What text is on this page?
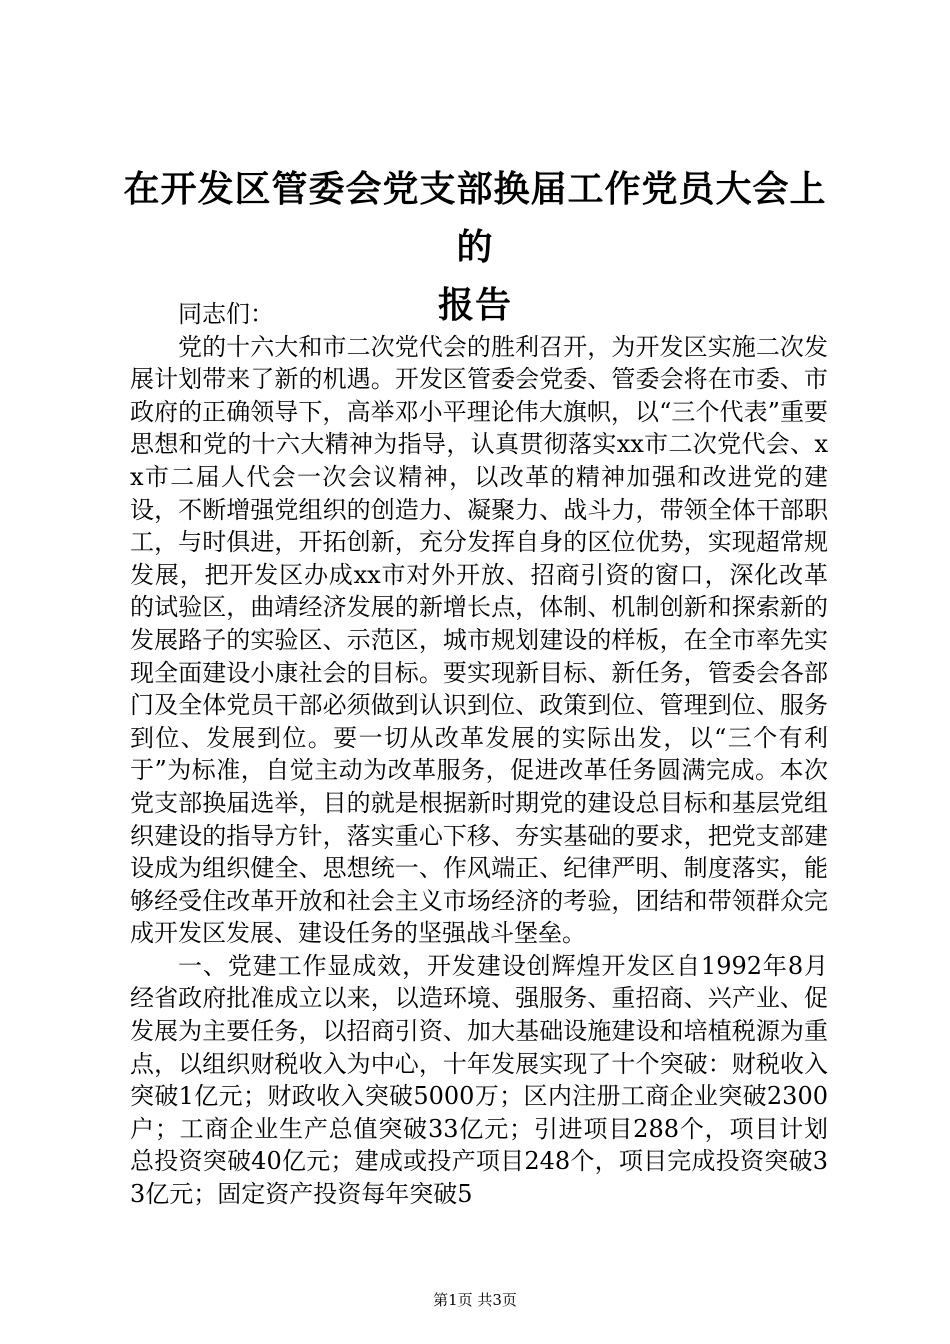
在开发区管委会党支部换届工作党员大会上的
报告

同志们：

党的十六大和市二次党代会的胜利召开，为开发区实施二次发展计划带来了新的机遇。开发区管委会党委、管委会将在市委、市政府的正确领导下，高举邓小平理论伟大旗帜，以“三个代表”重要思想和党的十六大精神为指导，认真贯彻落实xx市二次党代会、xx市二届人代会一次会议精神，以改革的精神加强和改进党的建设，不断增强党组织的创造力、凝聚力、战斗力，带领全体干部职工，与时俱进，开拓创新，充分发挥自身的区位优势，实现超常规发展，把开发区办成xx市对外开放、招商引资的窗口，深化改革的试验区，曲靖经济发展的新增长点，体制、机制创新和探索新的发展路子的实验区、示范区，城市规划建设的样板，在全市率先实现全面建设小康社会的目标。要实现新目标、新任务，管委会各部门及全体党员干部必须做到认识到位、政策到位、管理到位、服务到位、发展到位。要一切从改革发展的实际出发，以“三个有利于”为标准，自觉主动为改革服务，促进改革任务圆满完成。本次党支部换届选举，目的就是根据新时期党的建设总目标和基层党组织建设的指导方针，落实重心下移、夯实基础的要求，把党支部建设成为组织健全、思想统一、作风端正、纪律严明、制度落实，能够经受住改革开放和社会主义市场经济的考验，团结和带领群众完成开发区发展、建设任务的坚强战斗堡垒。

一、党建工作显成效，开发建设创辉煌开发区自1992年8月经省政府批准成立以来，以造环境、强服务、重招商、兴产业、促发展为主要任务，以招商引资、加大基础设施建设和培植税源为重点，以组织财税收入为中心，十年发展实现了十个突破：财税收入突破1亿元；财政收入突破5000万；区内注册工商企业突破2300户；工商企业生产总值突破33亿元；引进项目288个，项目计划总投资突破40亿元；建成或投产项目248个，项目完成投资突破33亿元；固定资产投资每年突破5

第1页 共3页
